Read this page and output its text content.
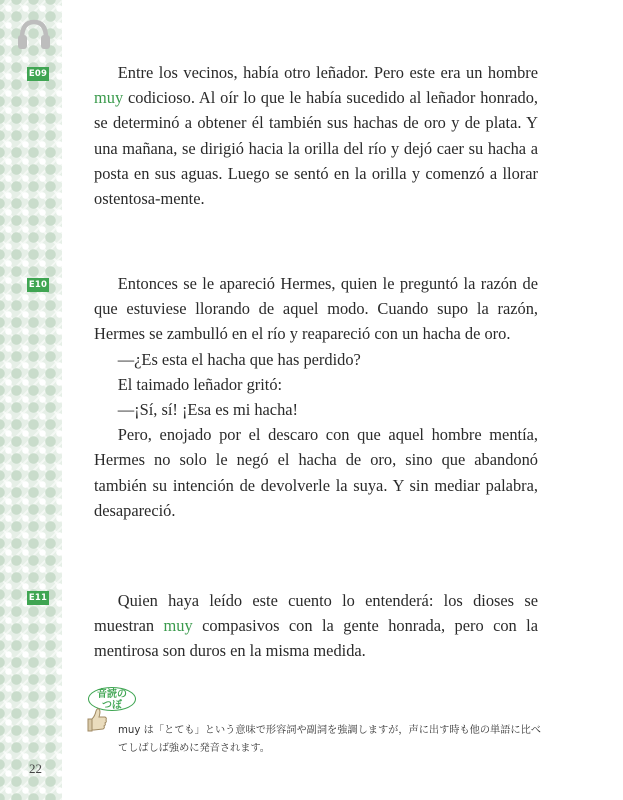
E09
E10
E11

Entre los vecinos, había otro leñador. Pero este era un hombre muy codicioso. Al oír lo que le había sucedido al leñador honrado, se determinó a obtener él también sus hachas de oro y de plata. Y una mañana, se dirigió hacia la orilla del río y dejó caer su hacha a posta en sus aguas. Luego se sentó en la orilla y comenzó a llorar ostentosa-mente.

Entonces se le apareció Hermes, quien le preguntó la razón de que estuviese llorando de aquel modo. Cuando supo la razón, Hermes se zambulló en el río y reapareció con un hacha de oro.

—¿Es esta el hacha que has perdido?

El taimado leñador gritó:

—¡Sí, sí! ¡Esa es mi hacha!

Pero, enojado por el descaro con que aquel hombre mentía, Hermes no solo le negó el hacha de oro, sino que abandonó también su intención de devolverle la suya. Y sin mediar palabra, desapareció.

Quien haya leído este cuento lo entenderá: los dioses se muestran muy compasivos con la gente honrada, pero con la mentirosa son duros en la misma medida.

音読の
つぼ
muy は「とても」という意味で形容詞や副詞を強調しますが，声に出す時も他の単語に比べてしばしば強めに発音されます。
22
